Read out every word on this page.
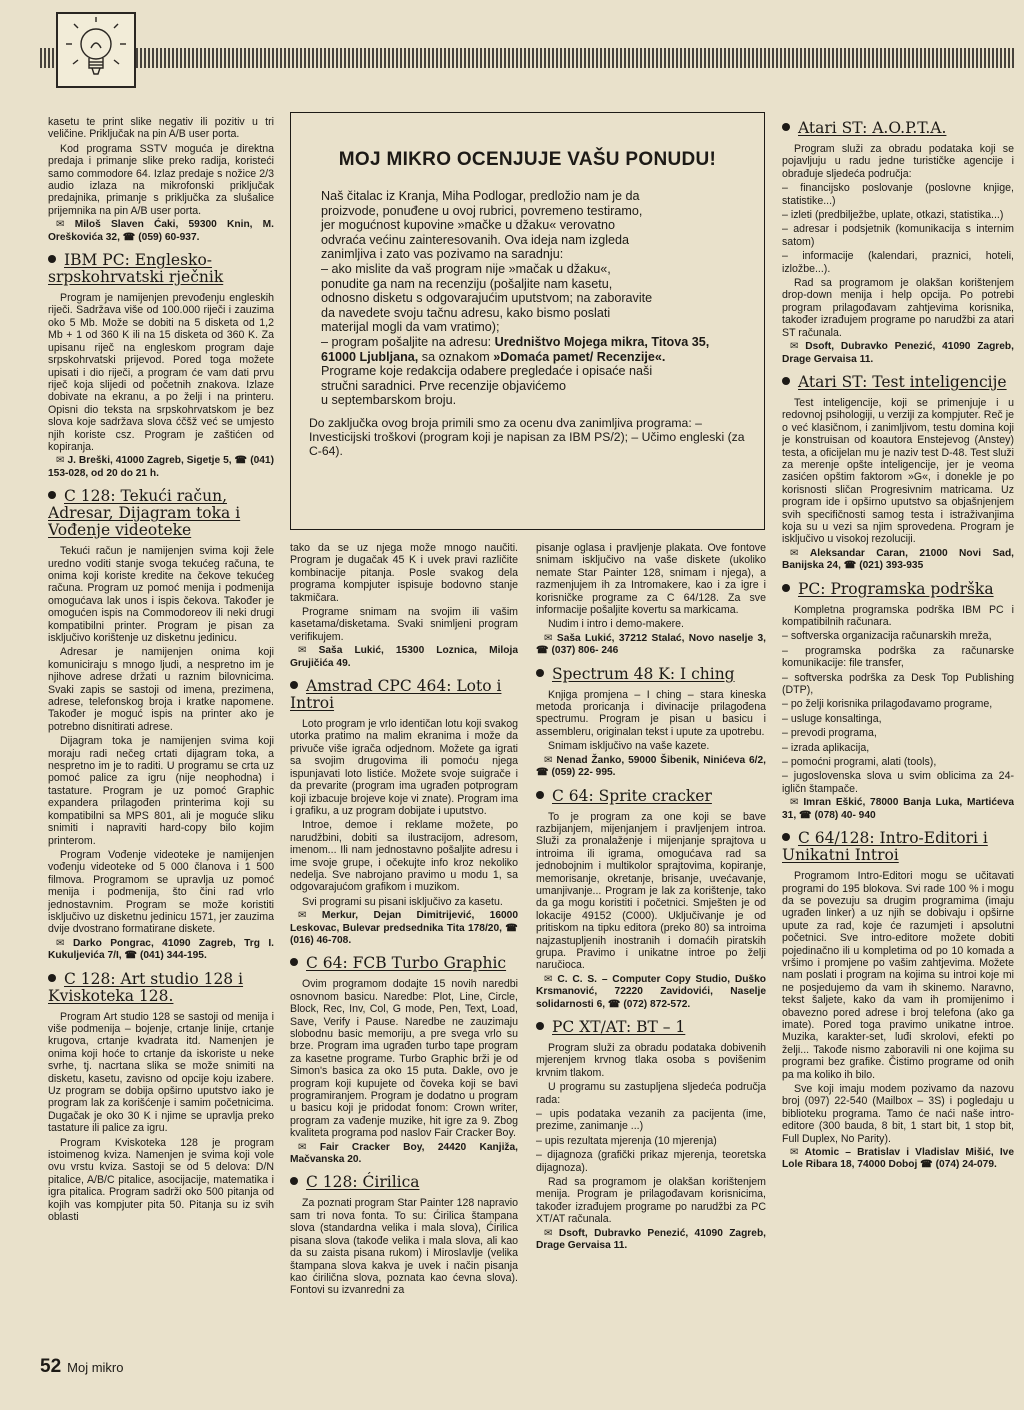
kasetu te print slike negativ ili pozitiv u tri veličine. Priključak na pin A/B user porta.

Kod programa SSTV moguća je direktna predaja i primanje slike preko radija, koristeći samo commodore 64. Izlaz predaje s nožice 2/3 audio izlaza na mikrofonski priključak predajnika, primanje s priključka za slušalice prijemnika na pin A/B user porta.

✉ Miloš Slaven Ćaki, 59300 Knin, M. Oreškovića 32, ☎ (059) 60-937.

IBM PC: Englesko-srpskohrvatski rječnik

Program je namijenjen prevođenju engleskih riječi. Sadržava više od 100.000 riječi i zauzima oko 5 Mb. Može se dobiti na 5 disketa od 1,2 Mb + 1 od 360 K ili na 15 disketa od 360 K. Za upisanu riječ na engleskom program daje srpskohrvatski prijevod. Pored toga možete upisati i dio riječi, a program će vam dati prvu riječ koja slijedi od početnih znakova. Izlaze dobivate na ekranu, a po želji i na printeru. Opisni dio teksta na srpskohrvatskom je bez slova koje sadržava slova ćčšž već se umjesto njih koriste csz. Program je zaštićen od kopiranja.

✉ J. Breški, 41000 Zagreb, Sigetje 5, ☎ (041) 153-028, od 20 do 21 h.

C 128: Tekući račun, Adresar, Dijagram toka i Vođenje videoteke

Tekući račun je namijenjen svima koji žele uredno voditi stanje svoga tekućeg računa, te onima koji koriste kredite na čekove tekućeg računa. Program uz pomoć menija i podmenija omogućava lak unos i ispis čekova. Također je omogućen ispis na Commodoreov ili neki drugi kompatibilni printer. Program je pisan za isključivo korištenje uz disketnu jedinicu.

Adresar je namijenjen onima koji komuniciraju s mnogo ljudi, a nespretno im je njihove adrese držati u raznim bilovnicima. Svaki zapis se sastoji od imena, prezimena, adrese, telefonskog broja i kratke napomene. Također je moguć ispis na printer ako je potrebno disnitirati adrese.

Dijagram toka je namijenjen svima koji moraju radi nečeg crtati dijagram toka, a nespretno im je to raditi. U programu se crta uz pomoć palice za igru (nije neophodna) i tastature. Program je uz pomoć Graphic expandera prilagođen printerima koji su kompatibilni sa MPS 801, ali je moguće sliku snimiti i napraviti hard-copy bilo kojim printerom.

Program Vođenje videoteke je namijenjen vođenju videoteke od 5 000 članova i 1 500 filmova. Programom se upravlja uz pomoć menija i podmenija, što čini rad vrlo jednostavnim. Program se može koristiti isključivo uz disketnu jedinicu 1571, jer zauzima dvije dvostrano formatirane diskete.

✉ Darko Pongrac, 41090 Zagreb, Trg I. Kukuljevića 7/I, ☎ (041) 344-195.

C 128: Art studio 128 i Kviskoteka 128.

Program Art studio 128 se sastoji od menija i više podmenija – bojenje, crtanje linije, crtanje krugova, crtanje kvadrata itd. Namenjen je onima koji hoće to crtanje da iskoriste u neke svrhe, tj. nacrtana slika se može snimiti na disketu, kasetu, zavisno od opcije koju izabere. Uz program se dobija opširno uputstvo iako je program lak za korišćenje i samim početnicima. Dugačak je oko 30 K i njime se upravlja preko tastature ili palice za igru.

Program Kviskoteka 128 je program istoimenog kviza. Namenjen je svima koji vole ovu vrstu kviza. Sastoji se od 5 delova: D/N pitalice, A/B/C pitalice, asocijacije, matematika i igra pitalica. Program sadrži oko 500 pitanja od kojih vas kompjuter pita 50. Pitanja su iz svih oblasti

MOJ MIKRO OCENJUJE VAŠU PONUDU!

Naš čitalac iz Kranja, Miha Podlogar, predložio nam je da

proizvode, ponuđene u ovoj rubrici, povremeno testiramo,

jer mogućnost kupovine »mačke u džaku« verovatno

odvraća većinu zainteresovanih. Ova ideja nam izgleda

zanimljiva i zato vas pozivamo na saradnju:

– ako mislite da vaš program nije »mačak u džaku«,

ponudite ga nam na recenziju (pošaljite nam kasetu,

odnosno disketu s odgovarajućim uputstvom; na zaboravite

da navedete svoju tačnu adresu, kako bismo poslati

materijal mogli da vam vratimo);

– program pošaljite na adresu: Uredništvo Mojega mikra, Titova 35, 61000 Ljubljana, sa oznakom »Domaća pamet/ Recenzije«.

Programe koje redakcija odabere pregledaće i opisaće naši

stručni saradnici. Prve recenzije objavićemo

u septembarskom broju.

Do zaključka ovog broja primili smo za ocenu dva zanimljiva programa: – Investicijski troškovi (program koji je napisan za IBM PS/2); – Učimo engleski (za C-64).

tako da se uz njega može mnogo naučiti. Program je dugačak 45 K i uvek pravi različite kombinacije pitanja. Posle svakog dela programa kompjuter ispisuje bodovno stanje takmičara.

Programe snimam na svojim ili vašim kasetama/disketama. Svaki snimljeni program verifikujem.

✉ Saša Lukić, 15300 Loznica, Miloja Grujičića 49.

Amstrad CPC 464: Loto i Introi

Loto program je vrlo identičan lotu koji svakog utorka pratimo na malim ekranima i može da privuče više igrača odjednom. Možete ga igrati sa svojim drugovima ili pomoću njega ispunjavati loto listiće. Možete svoje suigrače i da prevarite (program ima ugrađen potprogram koji izbacuje brojeve koje vi znate). Program ima i grafiku, a uz program dobijate i uputstvo.

Introe, demoe i reklame možete, po narudžbini, dobiti sa ilustracijom, adresom, imenom... Ili nam jednostavno pošaljite adresu i ime svoje grupe, i očekujte info kroz nekoliko nedelja. Sve nabrojano pravimo u modu 1, sa odgovarajućom grafikom i muzikom.

Svi programi su pisani isključivo za kasetu.

✉ Merkur, Dejan Dimitrijević, 16000 Leskovac, Bulevar predsednika Tita 178/20, ☎ (016) 46-708.

C 64: FCB Turbo Graphic

Ovim programom dodajte 15 novih naredbi osnovnom basicu. Naredbe: Plot, Line, Circle, Block, Rec, Inv, Col, G mode, Pen, Text, Load, Save, Verify i Pause. Naredbe ne zauzimaju slobodnu basic memoriju, a pre svega vrlo su brze. Program ima ugrađen turbo tape program za kasetne programe. Turbo Graphic brži je od Simon's basica za oko 15 puta. Dakle, ovo je program koji kupujete od čoveka koji se bavi programiranjem. Program je dodatno u program u basicu koji je pridodat fonom: Crown writer, program za vađenje muzike, hit igre za 9. Zbog kvaliteta programa pod naslov Fair Cracker Boy.

✉ Fair Cracker Boy, 24420 Kanjiža, Mačvanska 20.

C 128: Ćirilica

Za poznati program Star Painter 128 napravio sam tri nova fonta. To su: Ćirilica štampana slova (standardna velika i mala slova), Ćirilica pisana slova (takođe velika i mala slova, ali kao da su zaista pisana rukom) i Miroslavlje (velika štampana slova kakva je uvek i način pisanja kao ćirilična slova, poznata kao ćevna slova). Fontovi su izvanredni za

pisanje oglasa i pravljenje plakata. Ove fontove snimam isključivo na vaše diskete (ukoliko nemate Star Painter 128, snimam i njega), a razmenjujem ih za Intromakere, kao i za igre i korisničke programe za C 64/128. Za sve informacije pošaljite kovertu sa markicama.

Nudim i intro i demo-makere.

✉ Saša Lukić, 37212 Stalać, Novo naselje 3, ☎ (037) 806- 246

Spectrum 48 K: I ching

Knjiga promjena – I ching – stara kineska metoda proricanja i divinacije prilagođena spectrumu. Program je pisan u basicu i assembleru, originalan tekst i upute za upotrebu.

Snimam isključivo na vaše kazete.

✉ Nenad Žanko, 59000 Šibenik, Ninićeva 6/2, ☎ (059) 22- 995.

C 64: Sprite cracker

To je program za one koji se bave razbijanjem, mijenjanjem i pravljenjem introa. Služi za pronalaženje i mijenjanje spraјtova u introima ili igrama, omogućava rad sa jednobojnim i multikolor spraјtovima, kopiranje, memorisanje, okretanje, brisanje, uvećavanje, umanjivanje... Program je lak za korištenje, tako da ga mogu koristiti i početnici. Smješten je od lokacije 49152 (C000). Uključivanje je od pritiskom na tipku editora (preko 80) sa introima najzastupljenih inostranih i domaćih piratskih grupa. Pravimo i unikatne introe po želji naručioca.

✉ C. C. S. – Computer Copy Studio, Duško Krsmanović, 72220 Zavidovići, Naselje solidarnosti 6, ☎ (072) 872-572.

PC XT/AT: BT – 1

Program služi za obradu podataka dobivenih mjerenjem krvnog tlaka osoba s povišenim krvnim tlakom.

U programu su zastupljena sljedeća područja rada:

– upis podataka vezanih za pacijenta (ime, prezime, zanimanje ...)

– upis rezultata mjerenja (10 mjerenja)

– dijagnoza (grafički prikaz mjerenja, teoretska dijagnoza).

Rad sa programom je olakšan korištenjem menija. Program je prilagođavam korisnicima, također izrađujem programe po narudžbi za PC XT/AT računala.

✉ Dsoft, Dubravko Penezić, 41090 Zagreb, Drage Gervaisa 11.

Atari ST: A.O.P.T.A.

Program služi za obradu podataka koji se pojavljuju u radu jedne turističke agencije i obrađuje sljedeća područja:

– financijsko poslovanje (poslovne knjige, statistike...)

– izleti (predbilježbe, uplate, otkazi, statistika...)

– adresar i podsjetnik (komunikacija s internim satom)

– informacije (kalendari, praznici, hoteli, izložbe...).

Rad sa programom je olakšan korištenjem drop-down menija i help opcija. Po potrebi program prilagođavam zahtjevima korisnika, također izrađujem programe po narudžbi za atari ST računala.

✉ Dsoft, Dubravko Penezić, 41090 Zagreb, Drage Gervaisa 11.

Atari ST: Test inteligencije

Test inteligencije, koji se primenjuje i u redovnoj psihologiji, u verziji za kompjuter. Reč je o već klasičnom, i zanimljivom, testu domina koji je konstruisan od koautora Enstejevog (Anstey) testa, a oficijelan mu je naziv test D-48. Test služi za merenje opšte inteligencije, jer je veoma zasićen opštim faktorom »G«, i donekle je po korisnosti sličan Progresivnim matricama. Uz program ide i opširno uputstvo sa objašnjenjem svih specifičnosti samog testa i istraživanjima koja su u vezi sa njim sprovedena. Program je isključivo u visokoj rezoluciji.

✉ Aleksandar Caran, 21000 Novi Sad, Banijska 24, ☎ (021) 393-935

PC: Programska podrška

Kompletna programska podrška IBM PC i kompatibilnih računara.

– softverska organizacija računarskih mreža,

– programska podrška za računarske komunikacije: file transfer,

– softverska podrška za Desk Top Publishing (DTP),

– po želji korisnika prilagođavamo programe,

– usluge konsaltinga,

– prevodi programa,

– izrada aplikacija,

– pomoćni programi, alati (tools),

– jugoslovenska slova u svim oblicima za 24-igličn štampače.

✉ Imran Eškić, 78000 Banja Luka, Martićeva 31, ☎ (078) 40- 940

C 64/128: Intro-Editori i Unikatni Introi

Programom Intro-Editori mogu se učitavati programi do 195 blokova. Svi rade 100 % i mogu da se povezuju sa drugim programima (imaju ugrađen linker) a uz njih se dobivaju i opširne upute za rad, koje će razumjeti i apsolutni početnici. Sve intro-editore možete dobiti pojedinačno ili u kompletima od po 10 komada a vršimo i promjene po vašim zahtjevima. Možete nam poslati i program na kojima su introi koje mi ne posjedujemo da vam ih skinemo. Naravno, tekst šaljete, kako da vam ih promijenimo i obavezno pored adrese i broj telefona (ako ga imate). Pored toga pravimo unikatne introe. Muzika, karakter-set, luđi skrolovi, efekti po želji... Takođe nismo zaboravili ni one kojima su programi bez grafike. Čistimo programe od onih pa ma koliko ih bilo.

Sve koji imaju modem pozivamo da nazovu broj (097) 22-540 (Mailbox – 3S) i pogledaju u biblioteku programa. Tamo će naći naše intro- editore (300 bauda, 8 bit, 1 start bit, 1 stop bit, Full Duplex, No Parity).

✉ Atomic – Bratislav i Vladislav Mišić, Ive Lole Ribara 18, 74000 Doboj ☎ (074) 24-079.

52 Moj mikro
